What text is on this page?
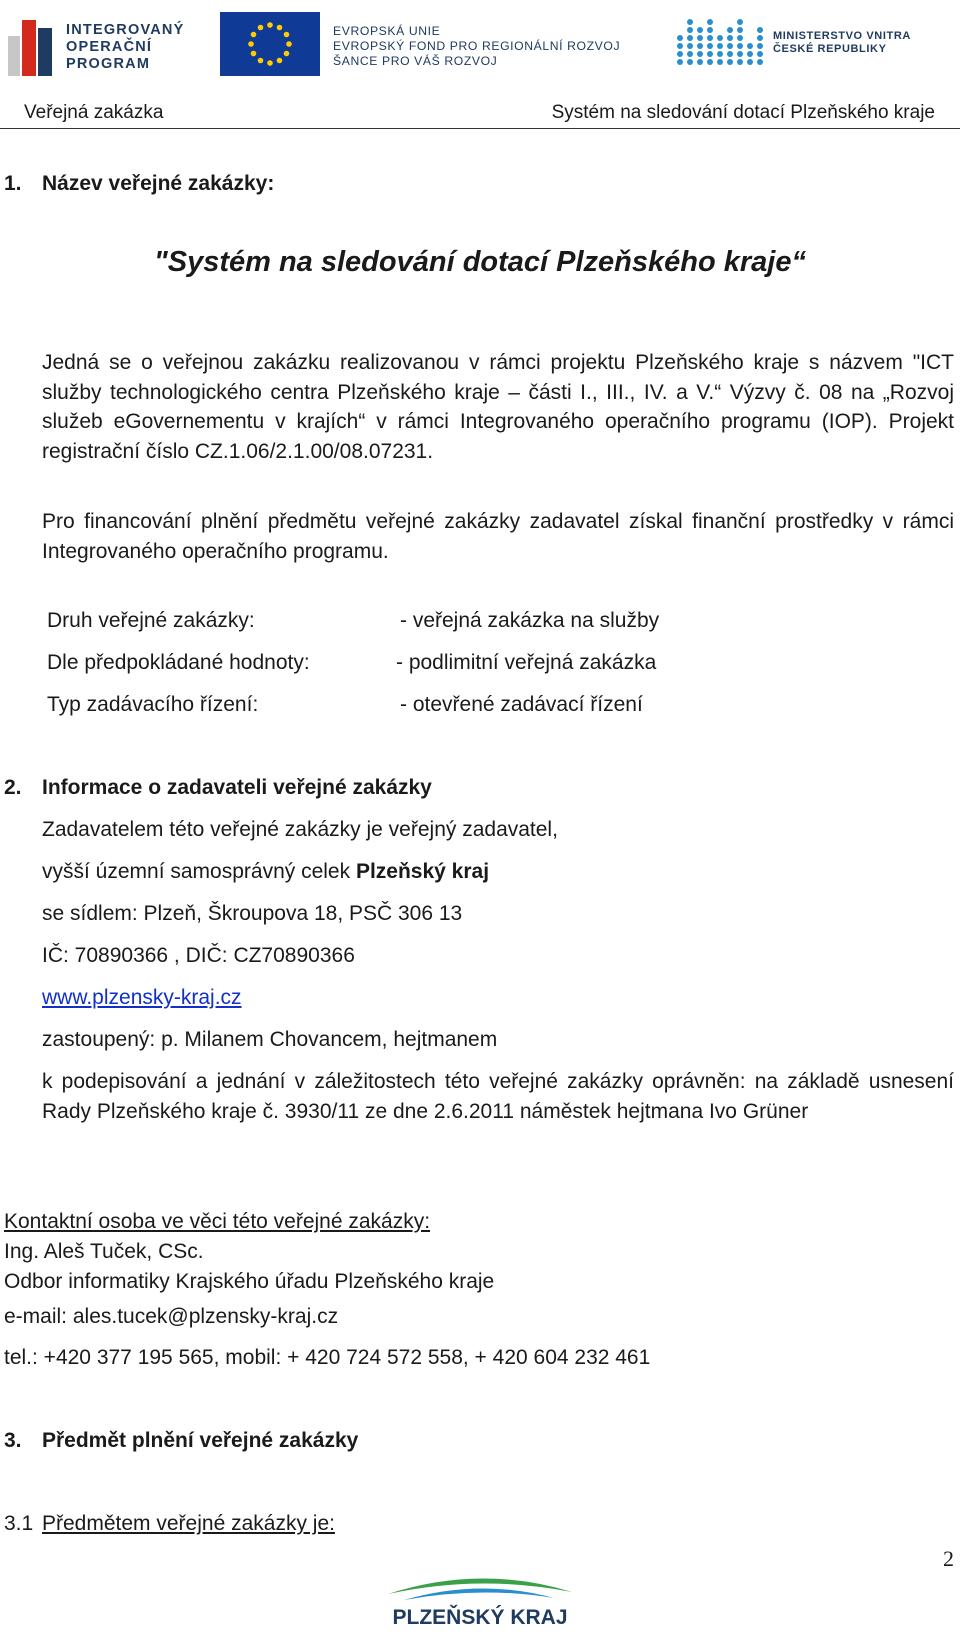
INTEGROVANÝ
OPERAČNÍ
PROGRAM
EVROPSKÁ UNIE
EVROPSKÝ FOND PRO REGIONÁLNÍ ROZVOJ
ŠANCE PRO VÁŠ ROZVOJ
MINISTERSTVO VNITRA
ČESKÉ REPUBLIKY
Veřejná zakázka	Systém na sledování dotací Plzeňského kraje
1. Název veřejné zakázky:
"Systém na sledování dotací Plzeňského kraje“
Jedná se o veřejnou zakázku realizovanou v rámci projektu Plzeňského kraje s názvem "ICT služby technologického centra Plzeňského kraje – části I., III., IV. a V.“ Výzvy č. 08 na „Rozvoj služeb eGovernementu v krajích“ v rámci Integrovaného operačního programu (IOP). Projekt registrační číslo CZ.1.06/2.1.00/08.07231.
Pro financování plnění předmětu veřejné zakázky zadavatel získal finanční prostředky v rámci Integrovaného operačního programu.
Druh veřejné zakázky:	- veřejná zakázka na služby
Dle předpokládané hodnoty:	- podlimitní veřejná zakázka
Typ zadávacího řízení:	- otevřené zadávací řízení
2. Informace o zadavateli veřejné zakázky
Zadavatelem této veřejné zakázky je veřejný zadavatel,
vyšší územní samosprávný celek Plzeňský kraj
se sídlem: Plzeň, Škroupova 18, PSČ 306 13
IČ: 70890366 , DIČ: CZ70890366
www.plzensky-kraj.cz
zastoupený: p. Milanem Chovancem, hejtmanem
k podepisování a jednání v záležitostech této veřejné zakázky oprávněn: na základě usnesení Rady Plzeňského kraje č. 3930/11 ze dne 2.6.2011 náměstek hejtmana Ivo Grüner
Kontaktní osoba ve věci této veřejné zakázky:
Ing. Aleš Tuček, CSc.
Odbor informatiky Krajského úřadu Plzeňského kraje
e-mail: ales.tucek@plzensky-kraj.cz
tel.: +420 377 195 565, mobil: + 420 724 572 558, + 420 604 232 461
3. Předmět plnění veřejné zakázky
3.1 Předmětem veřejné zakázky je:
2
PLZEŇSKÝ KRAJ
